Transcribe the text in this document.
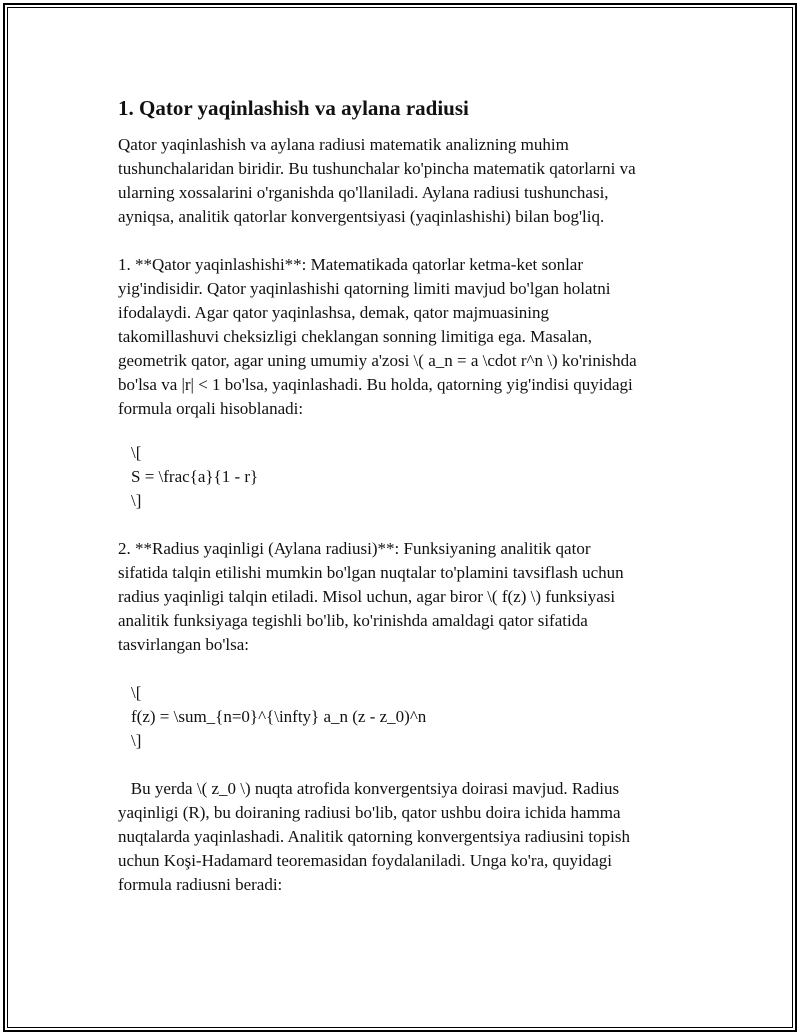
1. Qator yaqinlashish va aylana radiusi

Qator yaqinlashish va aylana radiusi matematik analizning muhim

tushunchalaridan biridir. Bu tushunchalar ko'pincha matematik qatorlarni va

ularning xossalarini o'rganishda qo'llaniladi. Aylana radiusi tushunchasi,

ayniqsa, analitik qatorlar konvergentsiyasi (yaqinlashishi) bilan bog'liq.

1. **Qator yaqinlashishi**: Matematikada qatorlar ketma-ket sonlar

yig'indisidir. Qator yaqinlashishi qatorning limiti mavjud bo'lgan holatni

ifodalaydi. Agar qator yaqinlashsa, demak, qator majmuasining

takomillashuvi cheksizligi cheklangan sonning limitiga ega. Masalan,

geometrik qator, agar uning umumiy a'zosi \( a_n = a \cdot r^n \) ko'rinishda

bo'lsa va |r| < 1 bo'lsa, yaqinlashadi. Bu holda, qatorning yig'indisi quyidagi

formula orqali hisoblanadi:

\[

S = \frac{a}{1 - r}

\]

2. **Radius yaqinligi (Aylana radiusi)**: Funksiyaning analitik qator

sifatida talqin etilishi mumkin bo'lgan nuqtalar to'plamini tavsiflash uchun

radius yaqinligi talqin etiladi. Misol uchun, agar biror \( f(z) \) funksiyasi

analitik funksiyaga tegishli bo'lib, ko'rinishda amaldagi qator sifatida

tasvirlangan bo'lsa:

\[

f(z) = \sum_{n=0}^{\infty} a_n (z - z_0)^n

\]

Bu yerda \( z_0 \) nuqta atrofida konvergentsiya doirasi mavjud. Radius

yaqinligi (R), bu doiraning radiusi bo'lib, qator ushbu doira ichida hamma

nuqtalarda yaqinlashadi. Analitik qatorning konvergentsiya radiusini topish

uchun Koşi-Hadamard teoremasidan foydalaniladi. Unga ko'ra, quyidagi

formula radiusni beradi:
